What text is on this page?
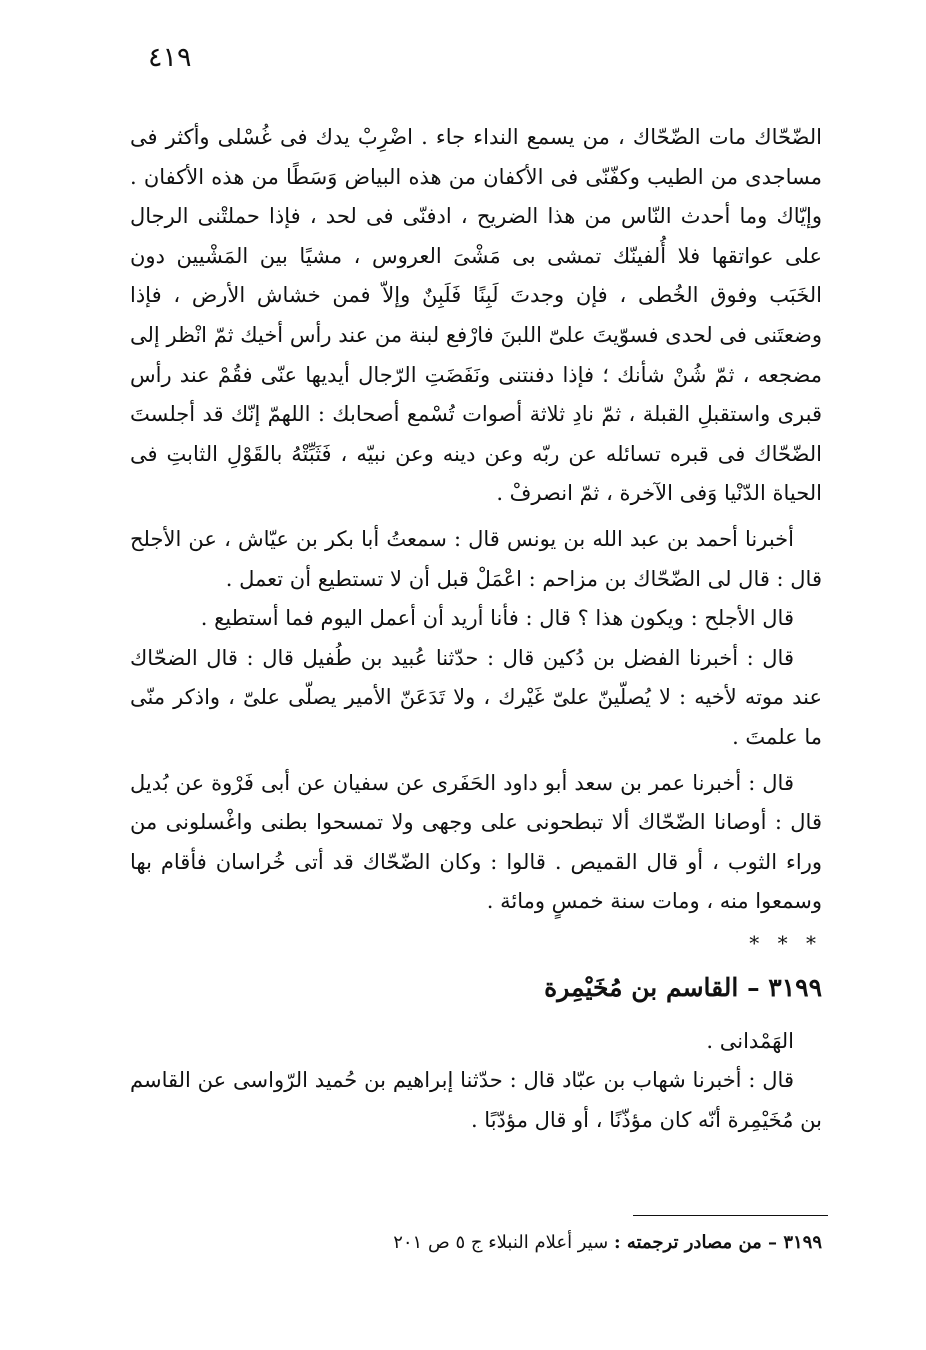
٤١٩

الضّحّاك مات الضّحّاك ، من يسمع النداء جاء . اضْرِبْ يدك فى غُسْلى وأكثر فى مساجدى من الطيب وكفّنّى فى الأكفان من هذه البياض وَسَطًا من هذه الأكفان . وإيّاك وما أحدث النّاس من هذا الضريح ، ادفنّى فى لحد ، فإذا حملتْنى الرجال على عواتقها فلا أُلفينّك تمشى بى مَشْىَ العروس ، مشيًا بين المَشْيين دون الخَبَب وفوق الخُطى ، فإن وجدتَ لَبِنًا فَلَبِنٌ وإلاّ فمن خشاش الأرض ، فإذا وضعتَنى فى لحدى فسوّيتَ علىّ اللبنَ فارْفع لبنة من عند رأس أخيك ثمّ انْظر إلى مضجعه ، ثمّ شُنْ شأنك ؛ فإذا دفنتنى ونَفَضَتِ الرّجال أيديها عنّى فقُمْ عند رأس قبرى واستقبلِ القبلة ، ثمّ نادِ ثلاثة أصوات تُسْمع أصحابك : اللهمّ إنّك قد أجلستَ الضّحّاك فى قبره تسائله عن ربّه وعن دينه وعن نبيّه ، فَثَبِّتْهُ بالقَوْلِ الثابتِ فى الحياة الدّنْيا وَفى الآخرة ، ثمّ انصرفْ .

أخبرنا أحمد بن عبد الله بن يونس قال : سمعتُ أبا بكر بن عيّاش ، عن الأجلح قال : قال لى الضّحّاك بن مزاحم : اعْمَلْ قبل أن لا تستطيع أن تعمل .

قال الأجلح : ويكون هذا ؟ قال : فأنا أريد أن أعمل اليوم فما أستطيع .

قال : أخبرنا الفضل بن دُكين قال : حدّثنا عُبيد بن طُفيل قال : قال الضحّاك عند موته لأخيه : لا يُصلّينّ علىّ غَيْرك ، ولا تَدَعَنّ الأمير يصلّى علىّ ، واذكر منّى ما علمتَ .

قال : أخبرنا عمر بن سعد أبو داود الحَفَرى عن سفيان عن أبى فَرْوة عن بُديل قال : أوصانا الضّحّاك ألا تبطحونى على وجهى ولا تمسحوا بطنى واغْسلونى من وراء الثوب ، أو قال القميص . قالوا : وكان الضّحّاك قد أتى خُراسان فأقام بها وسمعوا منه ، ومات سنة خمسٍ ومائة .

* * *
٣١٩٩ – القاسم بن مُخَيْمِرة

الهَمْدانى .

قال : أخبرنا شهاب بن عبّاد قال : حدّثنا إبراهيم بن حُميد الرّواسى عن القاسم بن مُخَيْمِرة أنّه كان مؤذّنًا ، أو قال مؤدّبًا .

٣١٩٩ – من مصادر ترجمته : سير أعلام النبلاء ج ٥ ص ٢٠١
